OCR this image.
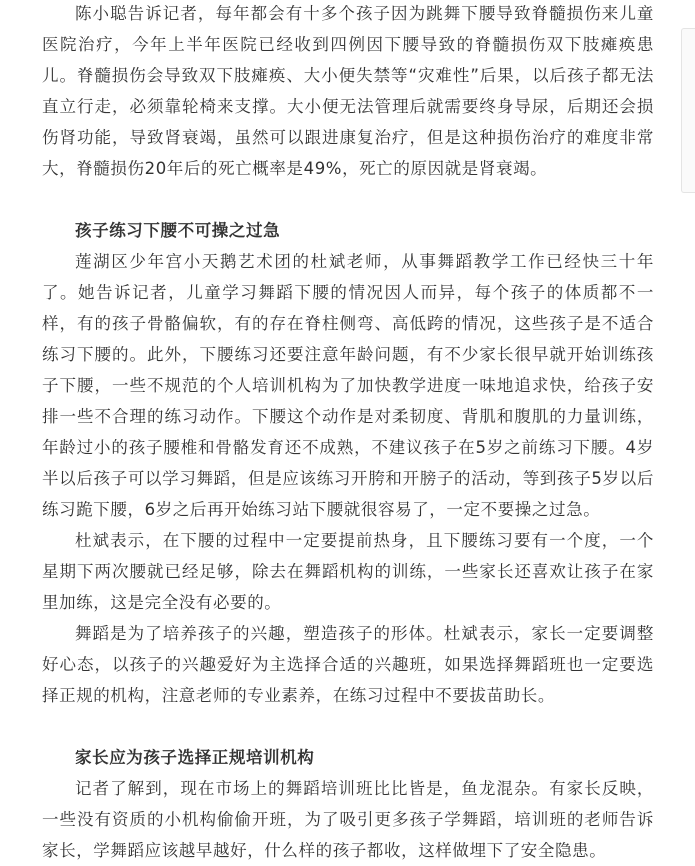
陈小聪告诉记者，每年都会有十多个孩子因为跳舞下腰导致脊髓损伤来儿童医院治疗，今年上半年医院已经收到四例因下腰导致的脊髓损伤双下肢瘫痪患儿。脊髓损伤会导致双下肢瘫痪、大小便失禁等“灾难性”后果，以后孩子都无法直立行走，必须靠轮椅来支撑。大小便无法管理后就需要终身导尿，后期还会损伤肾功能，导致肾衰竭，虽然可以跟进康复治疗，但是这种损伤治疗的难度非常大，脊髓损伤20年后的死亡概率是49%，死亡的原因就是肾衰竭。

孩子练习下腰不可操之过急

莲湖区少年宫小天鹅艺术团的杜斌老师，从事舞蹈教学工作已经快三十年了。她告诉记者，儿童学习舞蹈下腰的情况因人而异，每个孩子的体质都不一样，有的孩子骨骼偏软，有的存在脊柱侧弯、高低跨的情况，这些孩子是不适合练习下腰的。此外，下腰练习还要注意年龄问题，有不少家长很早就开始训练孩子下腰，一些不规范的个人培训机构为了加快教学进度一味地追求快，给孩子安排一些不合理的练习动作。下腰这个动作是对柔韧度、背肌和腹肌的力量训练，年龄过小的孩子腰椎和骨骼发育还不成熟，不建议孩子在5岁之前练习下腰。4岁半以后孩子可以学习舞蹈，但是应该练习开胯和开膀子的活动，等到孩子5岁以后练习跪下腰，6岁之后再开始练习站下腰就很容易了，一定不要操之过急。

杜斌表示，在下腰的过程中一定要提前热身，且下腰练习要有一个度，一个星期下两次腰就已经足够，除去在舞蹈机构的训练，一些家长还喜欢让孩子在家里加练，这是完全没有必要的。

舞蹈是为了培养孩子的兴趣，塑造孩子的形体。杜斌表示，家长一定要调整好心态，以孩子的兴趣爱好为主选择合适的兴趣班，如果选择舞蹈班也一定要选择正规的机构，注意老师的专业素养，在练习过程中不要拔苗助长。

家长应为孩子选择正规培训机构

记者了解到，现在市场上的舞蹈培训班比比皆是，鱼龙混杂。有家长反映，一些没有资质的小机构偷偷开班，为了吸引更多孩子学舞蹈，培训班的老师告诉家长，学舞蹈应该越早越好，什么样的孩子都收，这样做埋下了安全隐患。
